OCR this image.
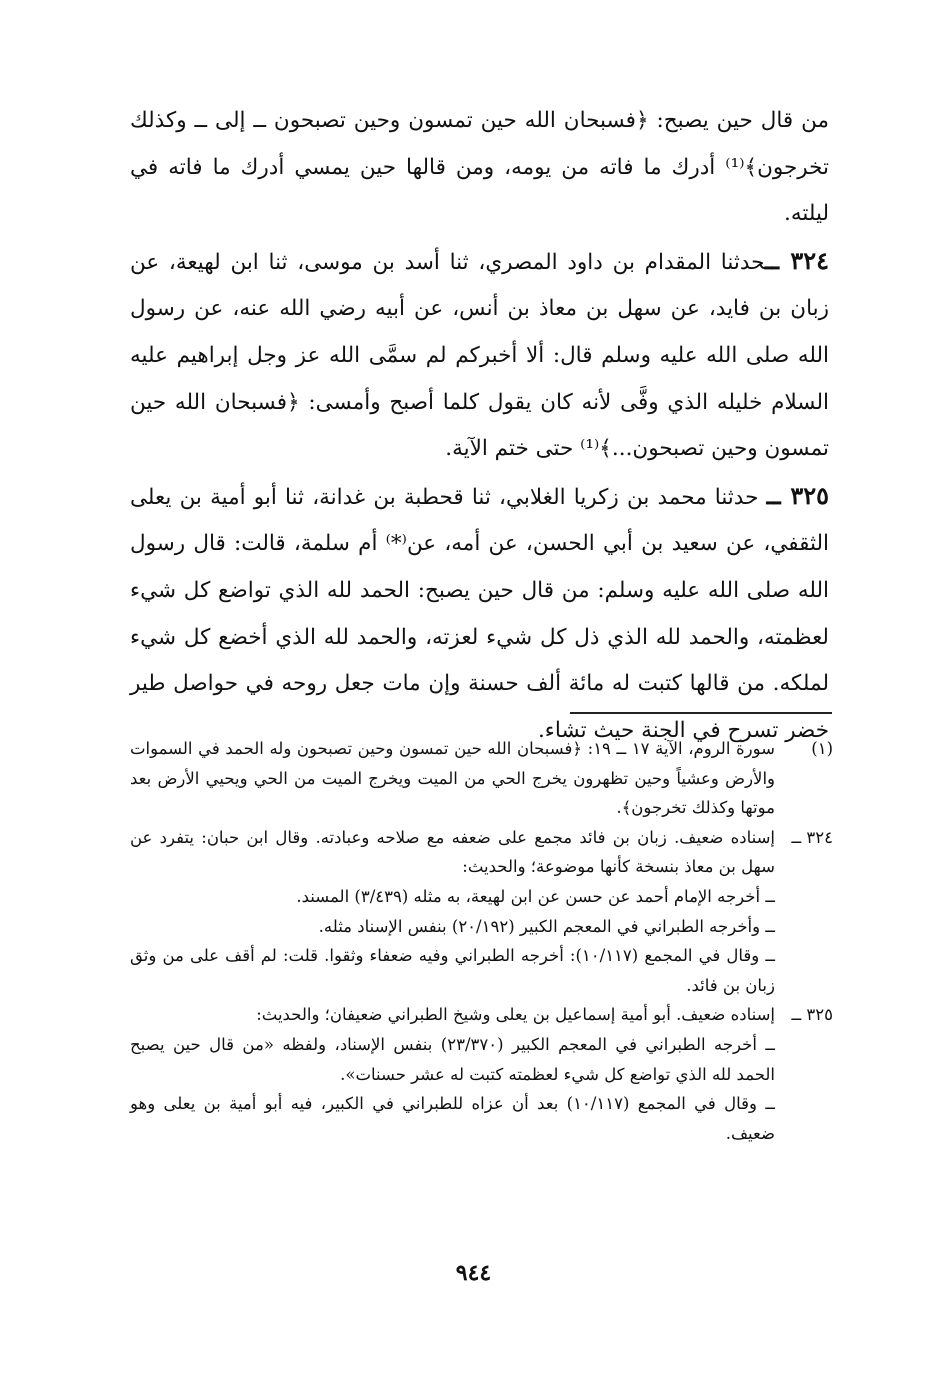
من قال حين يصبح: ﴿فسبحان الله حين تمسون وحين تصبحون ــ إلى ــ وكذلك تخرجون﴾⁽¹⁾ أدرك ما فاته من يومه، ومن قالها حين يمسي أدرك ما فاته في ليلته.

٣٢٤ ــحدثنا المقدام بن داود المصري، ثنا أسد بن موسى، ثنا ابن لهيعة، عن زبان بن فايد، عن سهل بن معاذ بن أنس، عن أبيه رضي الله عنه، عن رسول الله صلى الله عليه وسلم قال: ألا أخبركم لم سمَّى الله عز وجل إبراهيم عليه السلام خليله الذي وفَّى لأنه كان يقول كلما أصبح وأمسى: ﴿فسبحان الله حين تمسون وحين تصبحون...﴾⁽¹⁾ حتى ختم الآية.

٣٢٥ ــ حدثنا محمد بن زكريا الغلابي، ثنا قحطبة بن غدانة، ثنا أبو أمية بن يعلى الثقفي، عن سعيد بن أبي الحسن، عن أمه، عن⁽*⁾ أم سلمة، قالت: قال رسول الله صلى الله عليه وسلم: من قال حين يصبح: الحمد لله الذي تواضع كل شيء لعظمته، والحمد لله الذي ذل كل شيء لعزته، والحمد لله الذي أخضع كل شيء لملكه. من قالها كتبت له مائة ألف حسنة وإن مات جعل روحه في حواصل طير خضر تسرح في الجنة حيث تشاء.

(١)سورة الروم، الآية ١٧ ــ ١٩: ﴿فسبحان الله حين تمسون وحين تصبحون وله الحمد في السموات والأرض وعشياً وحين تظهرون يخرج الحي من الميت ويخرج الميت من الحي ويحيي الأرض بعد موتها وكذلك تخرجون﴾.

٣٢٤ ــإسناده ضعيف. زبان بن فائد مجمع على ضعفه مع صلاحه وعبادته. وقال ابن حبان: يتفرد عن سهل بن معاذ بنسخة كأنها موضوعة؛ والحديث:

ــ أخرجه الإمام أحمد عن حسن عن ابن لهيعة، به مثله (٣/٤٣٩) المسند.

ــ وأخرجه الطبراني في المعجم الكبير (٢٠/١٩٢) بنفس الإسناد مثله.

ــ وقال في المجمع (١٠/١١٧): أخرجه الطبراني وفيه ضعفاء وثقوا. قلت: لم أقف على من وثق زبان بن فائد.

٣٢٥ ــإسناده ضعيف. أبو أمية إسماعيل بن يعلى وشيخ الطبراني ضعيفان؛ والحديث:

ــ أخرجه الطبراني في المعجم الكبير (٢٣/٣٧٠) بنفس الإسناد، ولفظه «من قال حين يصبح الحمد لله الذي تواضع كل شيء لعظمته كتبت له عشر حسنات».

ــ وقال في المجمع (١٠/١١٧) بعد أن عزاه للطبراني في الكبير، فيه أبو أمية بن يعلى وهو ضعيف.

٩٤٤
